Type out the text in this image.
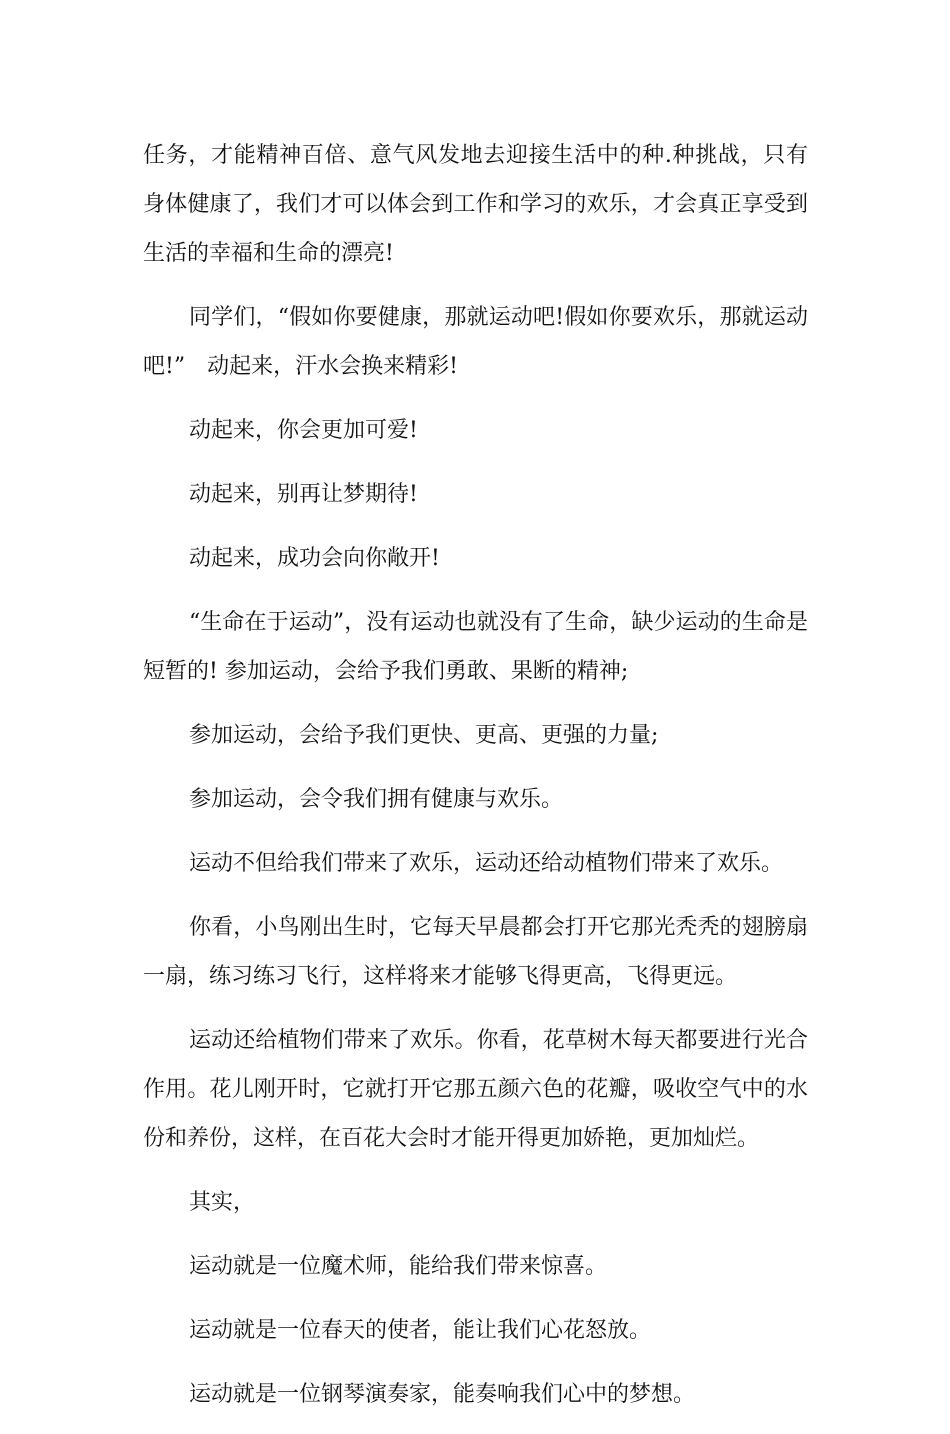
任务，才能精神百倍、意气风发地去迎接生活中的种.种挑战，只有身体健康了，我们才可以体会到工作和学习的欢乐，才会真正享受到生活的幸福和生命的漂亮!

同学们，“假如你要健康，那就运动吧!假如你要欢乐，那就运动吧!”　动起来，汗水会换来精彩!

动起来，你会更加可爱!

动起来，别再让梦期待!

动起来，成功会向你敞开!

“生命在于运动”，没有运动也就没有了生命，缺少运动的生命是短暂的! 参加运动，会给予我们勇敢、果断的精神;

参加运动，会给予我们更快、更高、更强的力量;

参加运动，会令我们拥有健康与欢乐。

运动不但给我们带来了欢乐，运动还给动植物们带来了欢乐。

你看，小鸟刚出生时，它每天早晨都会打开它那光秃秃的翅膀扇一扇，练习练习飞行，这样将来才能够飞得更高，飞得更远。

运动还给植物们带来了欢乐。你看，花草树木每天都要进行光合作用。花儿刚开时，它就打开它那五颜六色的花瓣，吸收空气中的水份和养份，这样，在百花大会时才能开得更加娇艳，更加灿烂。

其实，

运动就是一位魔术师，能给我们带来惊喜。

运动就是一位春天的使者，能让我们心花怒放。

运动就是一位钢琴演奏家，能奏响我们心中的梦想。
